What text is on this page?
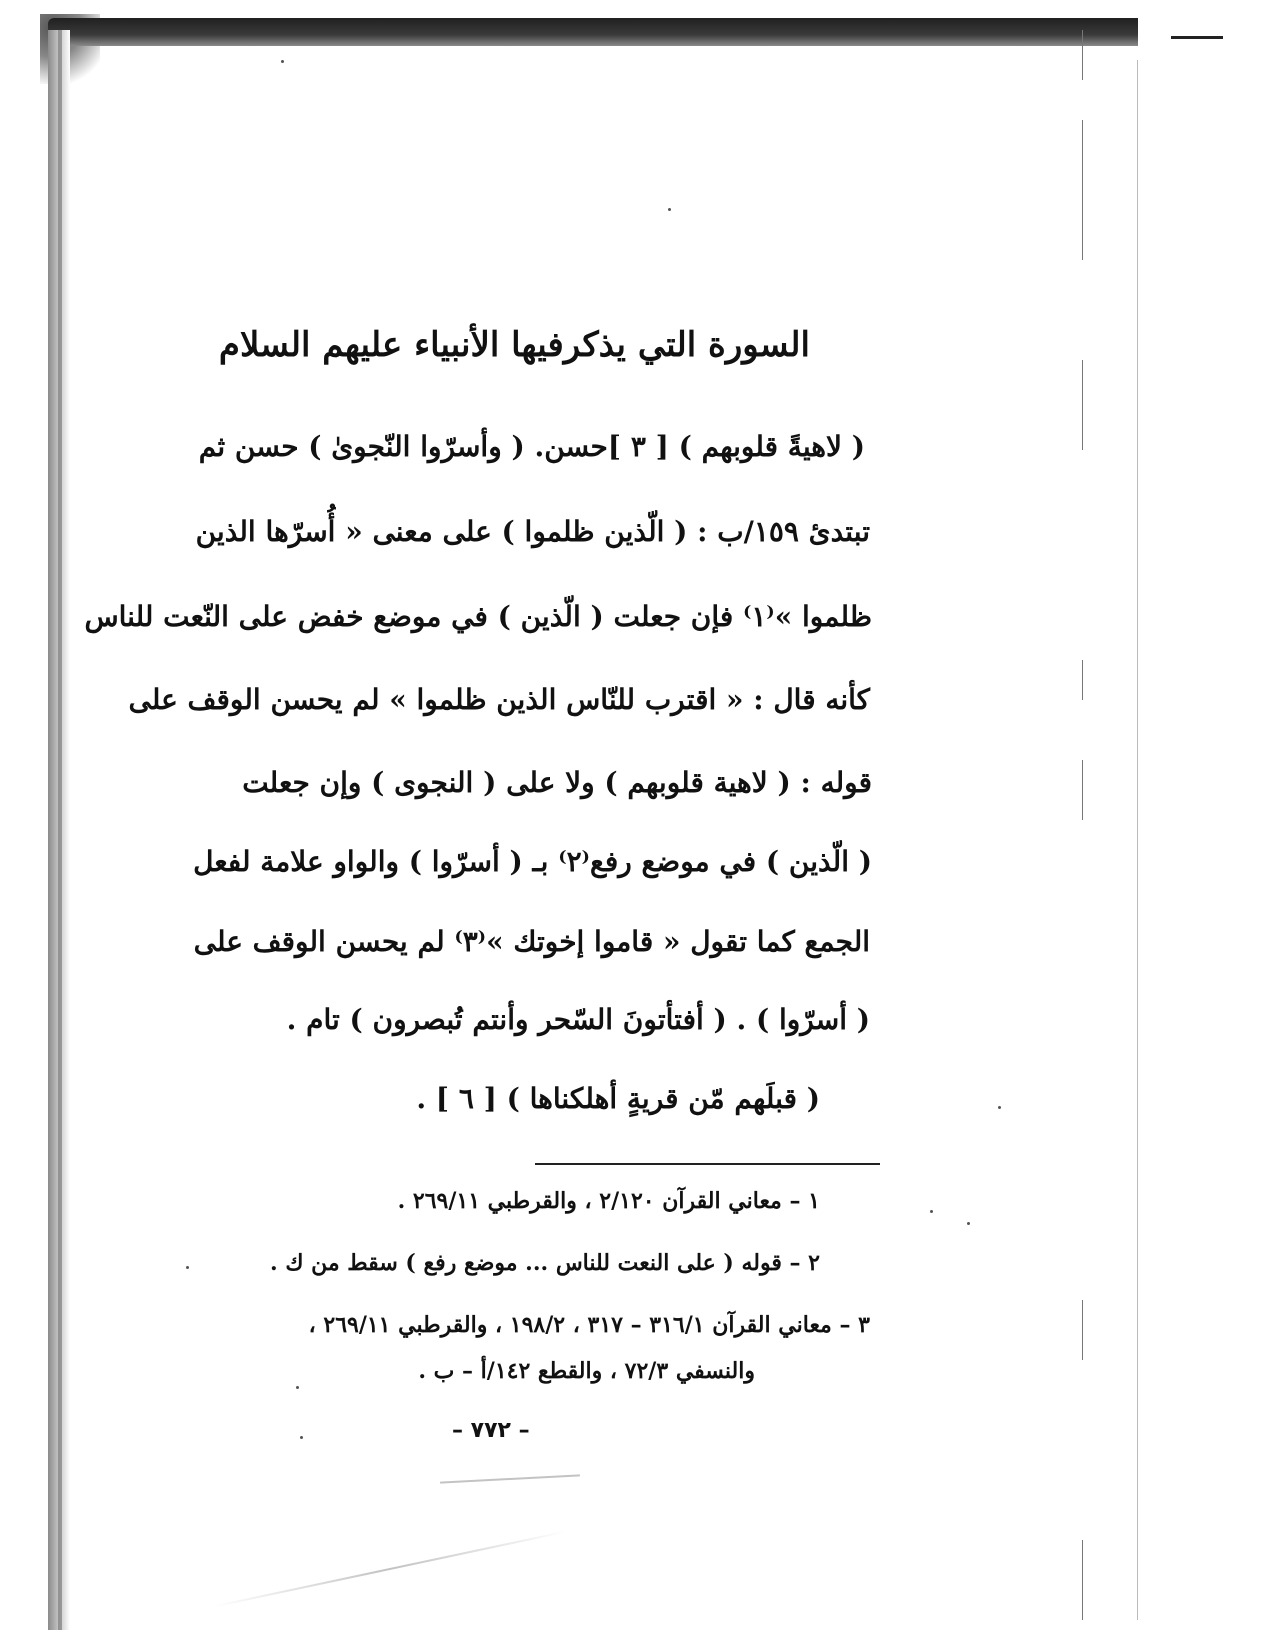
السورة التي يذكرفيها الأنبياء عليهم السلام
( لاهيةً قلوبهم ) [ ٣ ]حسن. ( وأسرّوا النّجوىٰ ) حسن ثم
تبتدئ ١٥٩/ب : ( الّذين ظلموا ) على معنى « أُسرّها الذين
ظلموا »⁽١⁾ فإن جعلت ( الّذين ) في موضع خفض على النّعت للناس
كأنه قال : « اقترب للنّاس الذين ظلموا » لم يحسن الوقف على
قوله : ( لاهية قلوبهم ) ولا على ( النجوى ) وإن جعلت
( الّذين ) في موضع رفع⁽٢⁾ بـ ( أسرّوا ) والواو علامة لفعل
الجمع كما تقول « قاموا إخوتك »⁽٣⁾ لم يحسن الوقف على
( أسرّوا ) . ( أفتأتونَ السّحر وأنتم تُبصرون ) تام .
( قبلَهم مّن قريةٍ أهلكناها ) [ ٦ ] .
١ – معاني القرآن ٢/١٢٠ ، والقرطبي ٢٦٩/١١ .
٢ – قوله ( على النعت للناس ... موضع رفع ) سقط من ك .
٣ – معاني القرآن ٣١٦/١ – ٣١٧ ، ١٩٨/٢ ، والقرطبي ٢٦٩/١١ ،
والنسفي ٧٢/٣ ، والقطع ١٤٢/أ – ب .
– ٧٧٢ –
